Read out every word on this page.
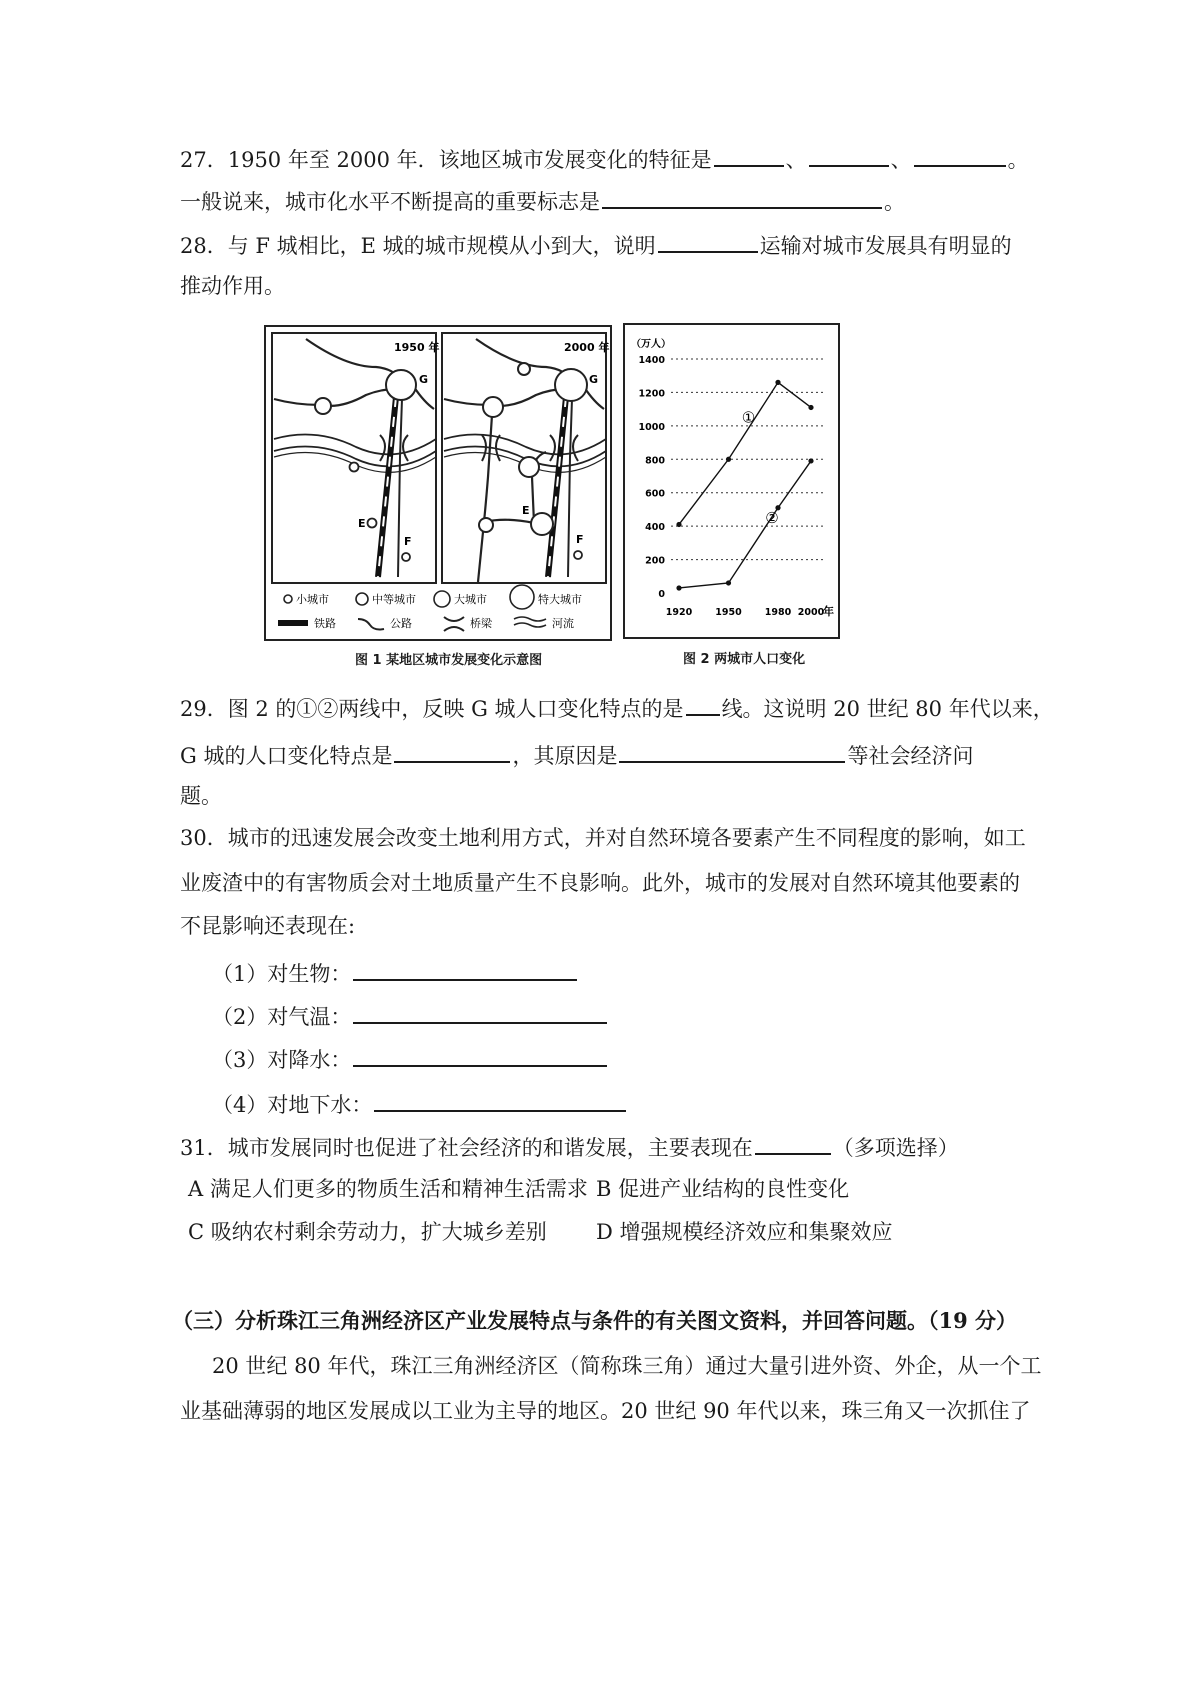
27．1950 年至 2000 年．该地区城市发展变化的特征是	、	、	。
一般说来，城市化水平不断提高的重要标志是	。
28．与 F 城相比，E 城的城市规模从小到大，说明	运输对城市发展具有明显的
推动作用。
1950 年
G
E
F
2000 年
G
E
F
小城市	中等城市	大城市	特大城市
铁路	公路	桥梁	河流
图 1 某地区城市发展变化示意图
（万人）
0
200
400
600
800
1000
1200
1400
1920 1950 1980 2000
年
①
②
图 2 两城市人口变化
29．图 2 的①②两线中，反映 G 城人口变化特点的是 线。这说明 20 世纪 80 年代以来，
G 城的人口变化特点是	，其原因是	等社会经济问
题。
30．城市的迅速发展会改变土地利用方式，并对自然环境各要素产生不同程度的影响，如工
业废渣中的有害物质会对土地质量产生不良影响。此外，城市的发展对自然环境其他要素的
不昆影响还表现在:
（1）对生物：
（2）对气温：
（3）对降水：
（4）对地下水：
31．城市发展同时也促进了社会经济的和谐发展，主要表现在	（多项选择）
A 满足人们更多的物质生活和精神生活需求 B 促进产业结构的良性变化
C 吸纳农村剩余劳动力，扩大城乡差别 D 增强规模经济效应和集聚效应
（三）分析珠江三角洲经济区产业发展特点与条件的有关图文资料，并回答问题。（19 分）
20 世纪 80 年代，珠江三角洲经济区（简称珠三角）通过大量引进外资、外企，从一个工
业基础薄弱的地区发展成以工业为主导的地区。20 世纪 90 年代以来，珠三角又一次抓住了
